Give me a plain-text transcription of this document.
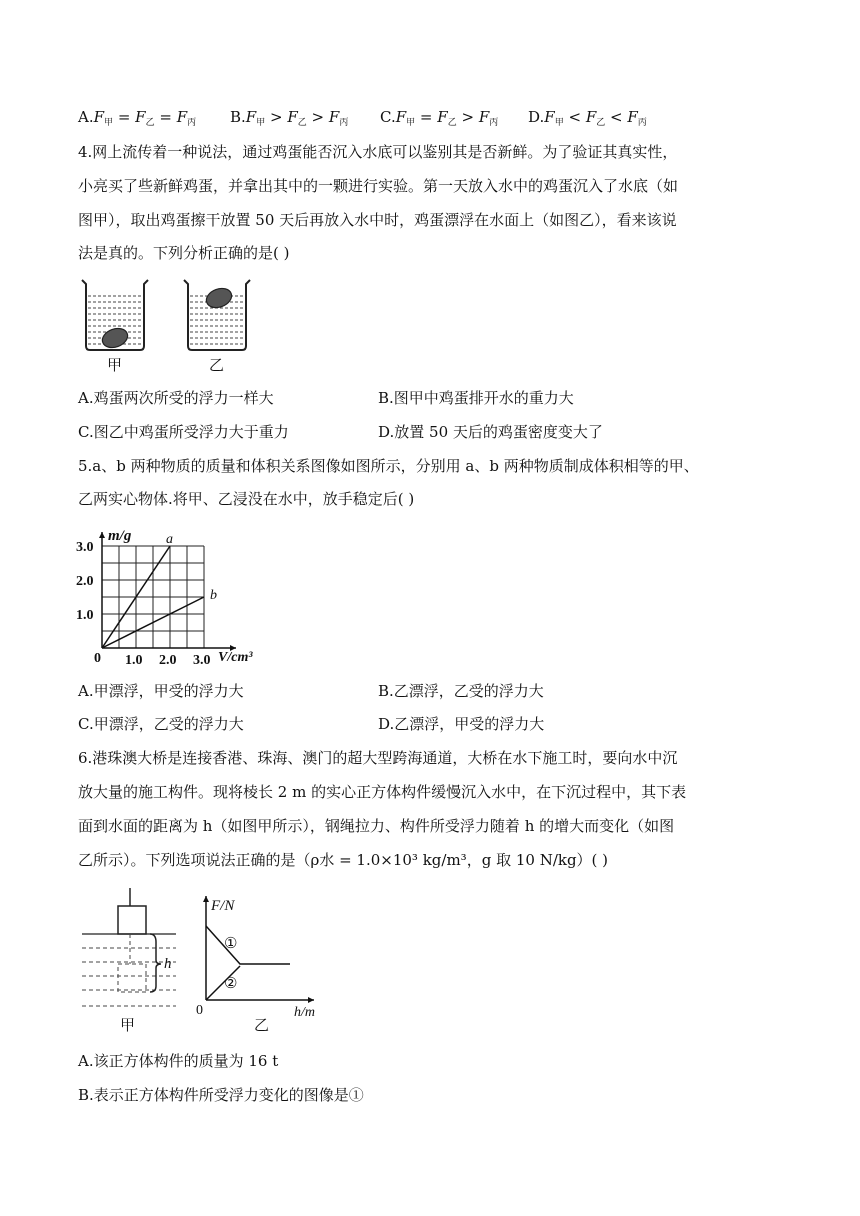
$A.F_甲 = F_乙 = F_丙$ $B.F_甲 > F_乙 > F_丙$ $C.F_甲 = F_乙 > F_丙$ $D.F_甲 < F_乙 < F_丙$
4.网上流传着一种说法，通过鸡蛋能否沉入水底可以鉴别其是否新鲜。为了验证其真实性，
小亮买了些新鲜鸡蛋，并拿出其中的一颗进行实验。第一天放入水中的鸡蛋沉入了水底（如
图甲），取出鸡蛋擦干放置 50 天后再放入水中时，鸡蛋漂浮在水面上（如图乙），看来该说
法是真的。下列分析正确的是( )
甲	乙
A.鸡蛋两次所受的浮力一样大	B.图甲中鸡蛋排开水的重力大
C.图乙中鸡蛋所受浮力大于重力	D.放置 50 天后的鸡蛋密度变大了
5.a、b 两种物质的质量和体积关系图像如图所示，分别用 a、b 两种物质制成体积相等的甲、
乙两实心物体.将甲、乙浸没在水中，放手稳定后( )
a
b
1.0 2.0 3.0
1.0
2.0
3.0
m/g
V/cm³
0
A.甲漂浮，甲受的浮力大	B.乙漂浮，乙受的浮力大
C.甲漂浮，乙受的浮力大	D.乙漂浮，甲受的浮力大
6.港珠澳大桥是连接香港、珠海、澳门的超大型跨海通道，大桥在水下施工时，要向水中沉
放大量的施工构件。现将棱长 2 m 的实心正方体构件缓慢沉入水中，在下沉过程中，其下表
面到水面的距离为 h（如图甲所示），钢绳拉力、构件所受浮力随着 h 的增大而变化（如图
乙所示）。下列选项说法正确的是（ρ水 = 1.0×10³ kg/m³，g 取 10 N/kg）( )
h
甲
①
②
F/N
h/m
0
乙
A.该正方体构件的质量为 16 t
B.表示正方体构件所受浮力变化的图像是①
